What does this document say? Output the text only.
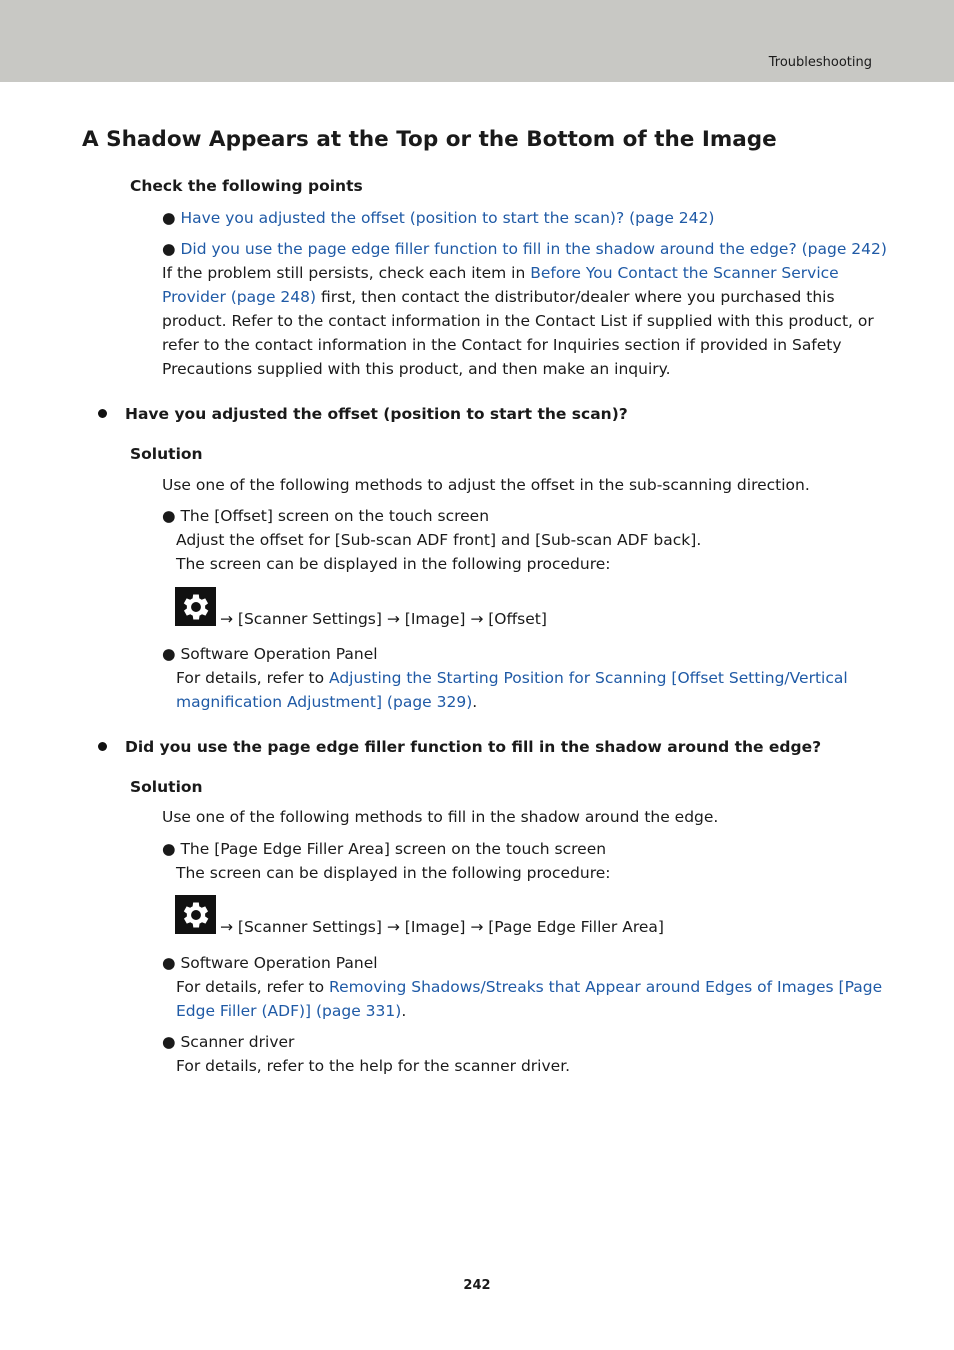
Troubleshooting
A Shadow Appears at the Top or the Bottom of the Image
Check the following points
● Have you adjusted the offset (position to start the scan)? (page 242)
● Did you use the page edge filler function to fill in the shadow around the edge? (page 242)
If the problem still persists, check each item in Before You Contact the Scanner Service
Provider (page 248) first, then contact the distributor/dealer where you purchased this
product. Refer to the contact information in the Contact List if supplied with this product, or
refer to the contact information in the Contact for Inquiries section if provided in Safety
Precautions supplied with this product, and then make an inquiry.
Have you adjusted the offset (position to start the scan)?
Solution
Use one of the following methods to adjust the offset in the sub-scanning direction.
● The [Offset] screen on the touch screen
Adjust the offset for [Sub-scan ADF front] and [Sub-scan ADF back].
The screen can be displayed in the following procedure:
→ [Scanner Settings] → [Image] → [Offset]
● Software Operation Panel
For details, refer to Adjusting the Starting Position for Scanning [Offset Setting/Vertical
magnification Adjustment] (page 329).
Did you use the page edge filler function to fill in the shadow around the edge?
Solution
Use one of the following methods to fill in the shadow around the edge.
● The [Page Edge Filler Area] screen on the touch screen
The screen can be displayed in the following procedure:
→ [Scanner Settings] → [Image] → [Page Edge Filler Area]
● Software Operation Panel
For details, refer to Removing Shadows/Streaks that Appear around Edges of Images [Page
Edge Filler (ADF)] (page 331).
● Scanner driver
For details, refer to the help for the scanner driver.
242
